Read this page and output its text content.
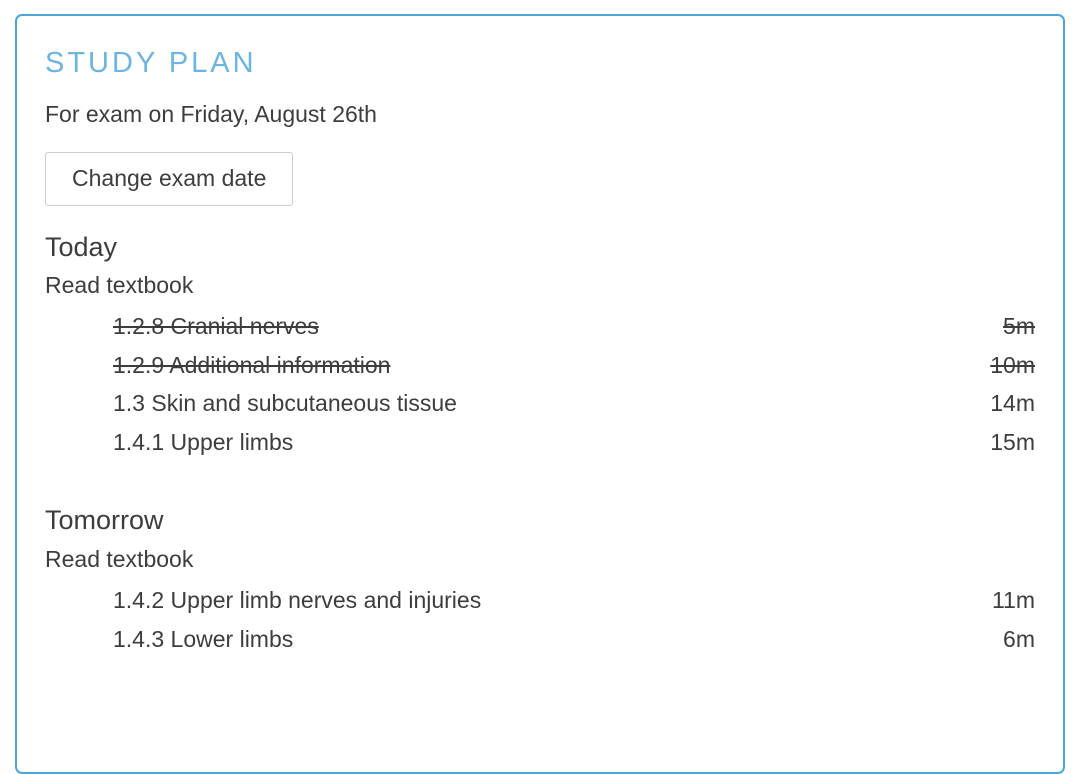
STUDY PLAN

For exam on Friday, August 26th

Change exam date
Today
Read textbook
1.2.8 Cranial nerves	5m
1.2.9 Additional information	10m
1.3 Skin and subcutaneous tissue	14m
1.4.1 Upper limbs	15m
Tomorrow
Read textbook
1.4.2 Upper limb nerves and injuries	11m
1.4.3 Lower limbs	6m
